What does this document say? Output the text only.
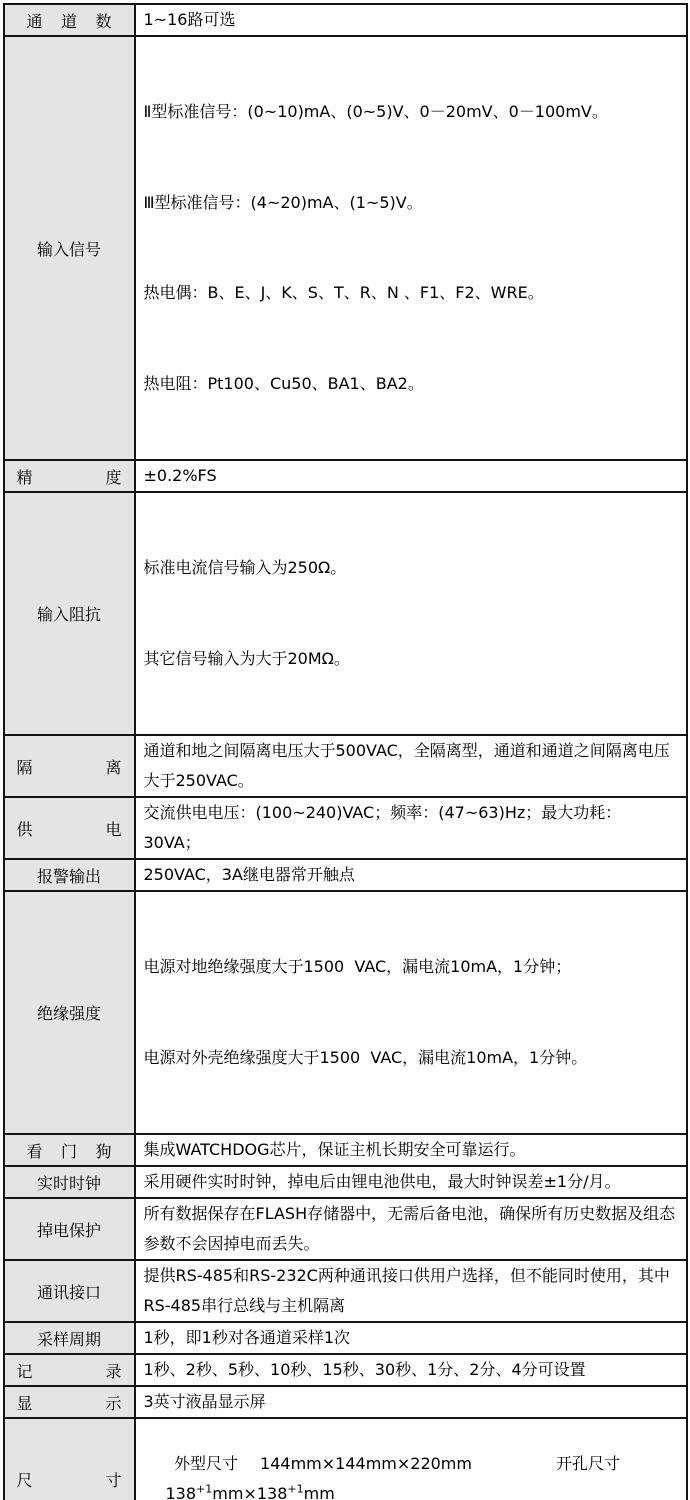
通道数	1~16路可选

输入信号	Ⅱ型标准信号：(0~10)mA、(0~5)V、0－20mV、0－100mV。

Ⅲ型标准信号：(4~20)mA、(1~5)V。

热电偶：B、E、J、K、S、T、R、N 、F1、F2、WRE。

热电阻：Pt100、Cu50、BA1、BA2。

精度	±0.2%FS

输入阻抗	标准电流信号输入为250Ω。

其它信号输入为大于20MΩ。

隔离	通道和地之间隔离电压大于500VAC，全隔离型，通道和通道之间隔离电压大于250VAC。

供电	交流供电电压：(100~240)VAC；频率：(47~63)Hz；最大功耗：30VA；

报警输出	250VAC，3A继电器常开触点

绝缘强度	电源对地绝缘强度大于1500  VAC，漏电流10mA，1分钟；

电源对外壳绝缘强度大于1500  VAC，漏电流10mA，1分钟。

看门狗	集成WATCHDOG芯片，保证主机长期安全可靠运行。

实时时钟	采用硬件实时时钟，掉电后由锂电池供电，最大时钟误差±1分/月。

掉电保护	所有数据保存在FLASH存储器中，无需后备电池，确保所有历史数据及组态参数不会因掉电而丢失。

通讯接口	提供RS-485和RS-232C两种通讯接口供用户选择，但不能同时使用，其中RS-485串行总线与主机隔离

采样周期	1秒，即1秒对各通道采样1次

记录	1秒、2秒、5秒、10秒、15秒、30秒、1分、2分、4分可设置

显示	3英寸液晶显示屏

尺寸	外型尺寸 144mm×144mm×220mm 开孔尺寸$138^{+1}mm\times 138^{+1}mm$
